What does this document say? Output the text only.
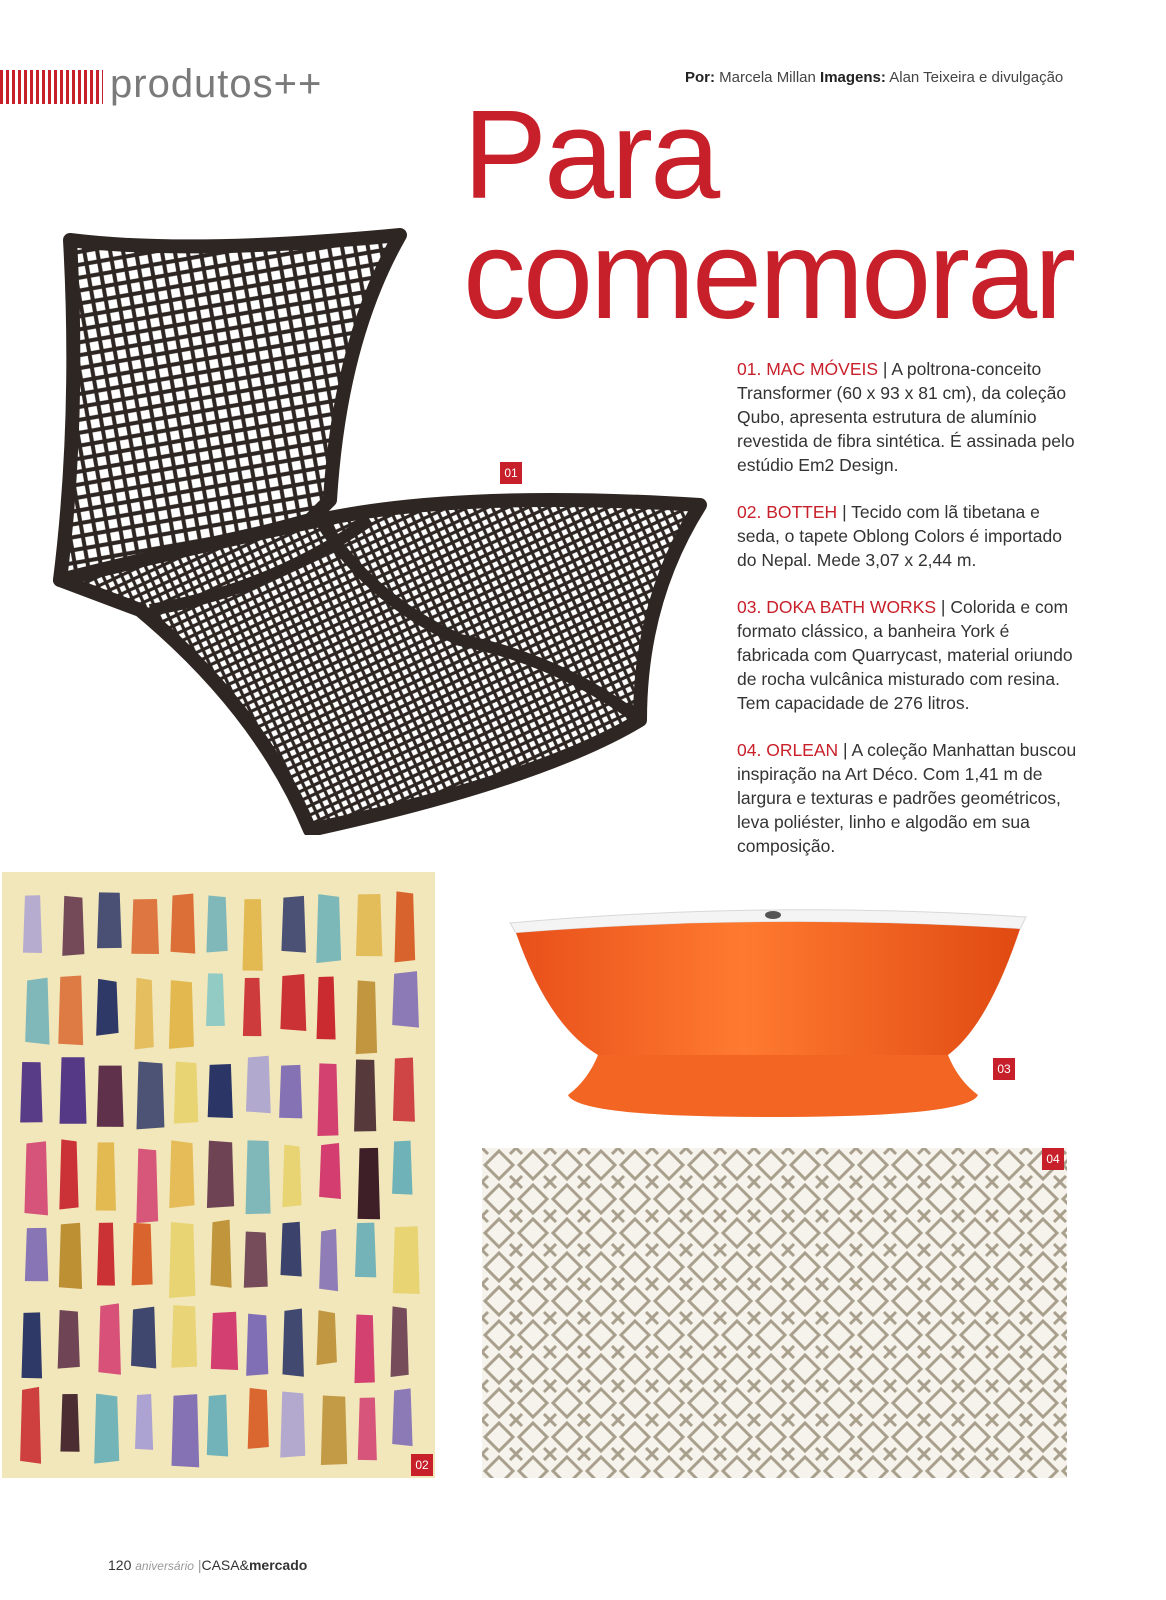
produtos++	Por: Marcela Millan Imagens: Alan Teixeira e divulgação
Para
comemorar
01
01. MAC MÓVEIS | A poltrona-conceito Transformer (60 x 93 x 81 cm), da coleção Qubo, apresenta estrutura de alumínio revestida de fibra sintética. É assinada pelo estúdio Em2 Design.
02. BOTTEH | Tecido com lã tibetana e seda, o tapete Oblong Colors é importado do Nepal. Mede 3,07 x 2,44 m.
03. DOKA BATH WORKS | Colorida e com formato clássico, a banheira York é fabricada com Quarrycast, material oriundo de rocha vulcânica misturado com resina. Tem capacidade de 276 litros.
04. ORLEAN | A coleção Manhattan buscou inspiração na Art Déco. Com 1,41 m de largura e texturas e padrões geométricos, leva poliéster, linho e algodão em sua composição.
02
03
04
120 aniversário |CASA&mercado
